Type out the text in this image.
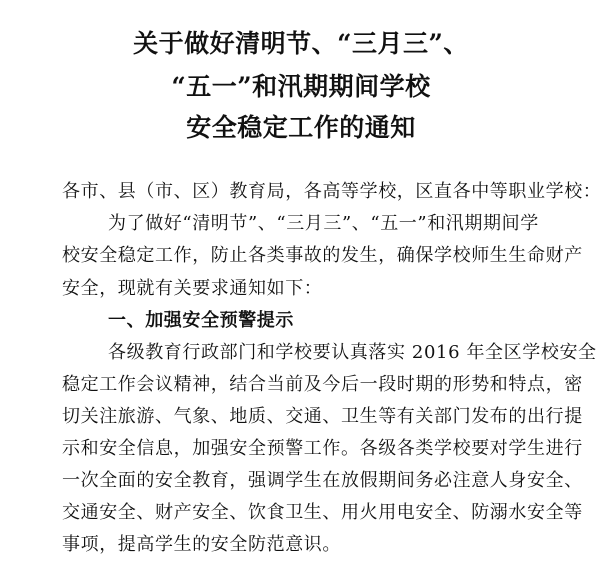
关于做好清明节、“三月三”、
“五一”和汛期期间学校
安全稳定工作的通知
各市、县（市、区）教育局，各高等学校，区直各中等职业学校：
为了做好“清明节”、“三月三”、“五一”和汛期期间学
校安全稳定工作，防止各类事故的发生，确保学校师生生命财产
安全，现就有关要求通知如下：
一、加强安全预警提示
各级教育行政部门和学校要认真落实 2016 年全区学校安全
稳定工作会议精神，结合当前及今后一段时期的形势和特点，密
切关注旅游、气象、地质、交通、卫生等有关部门发布的出行提
示和安全信息，加强安全预警工作。各级各类学校要对学生进行
一次全面的安全教育，强调学生在放假期间务必注意人身安全、
交通安全、财产安全、饮食卫生、用火用电安全、防溺水安全等
事项，提高学生的安全防范意识。
